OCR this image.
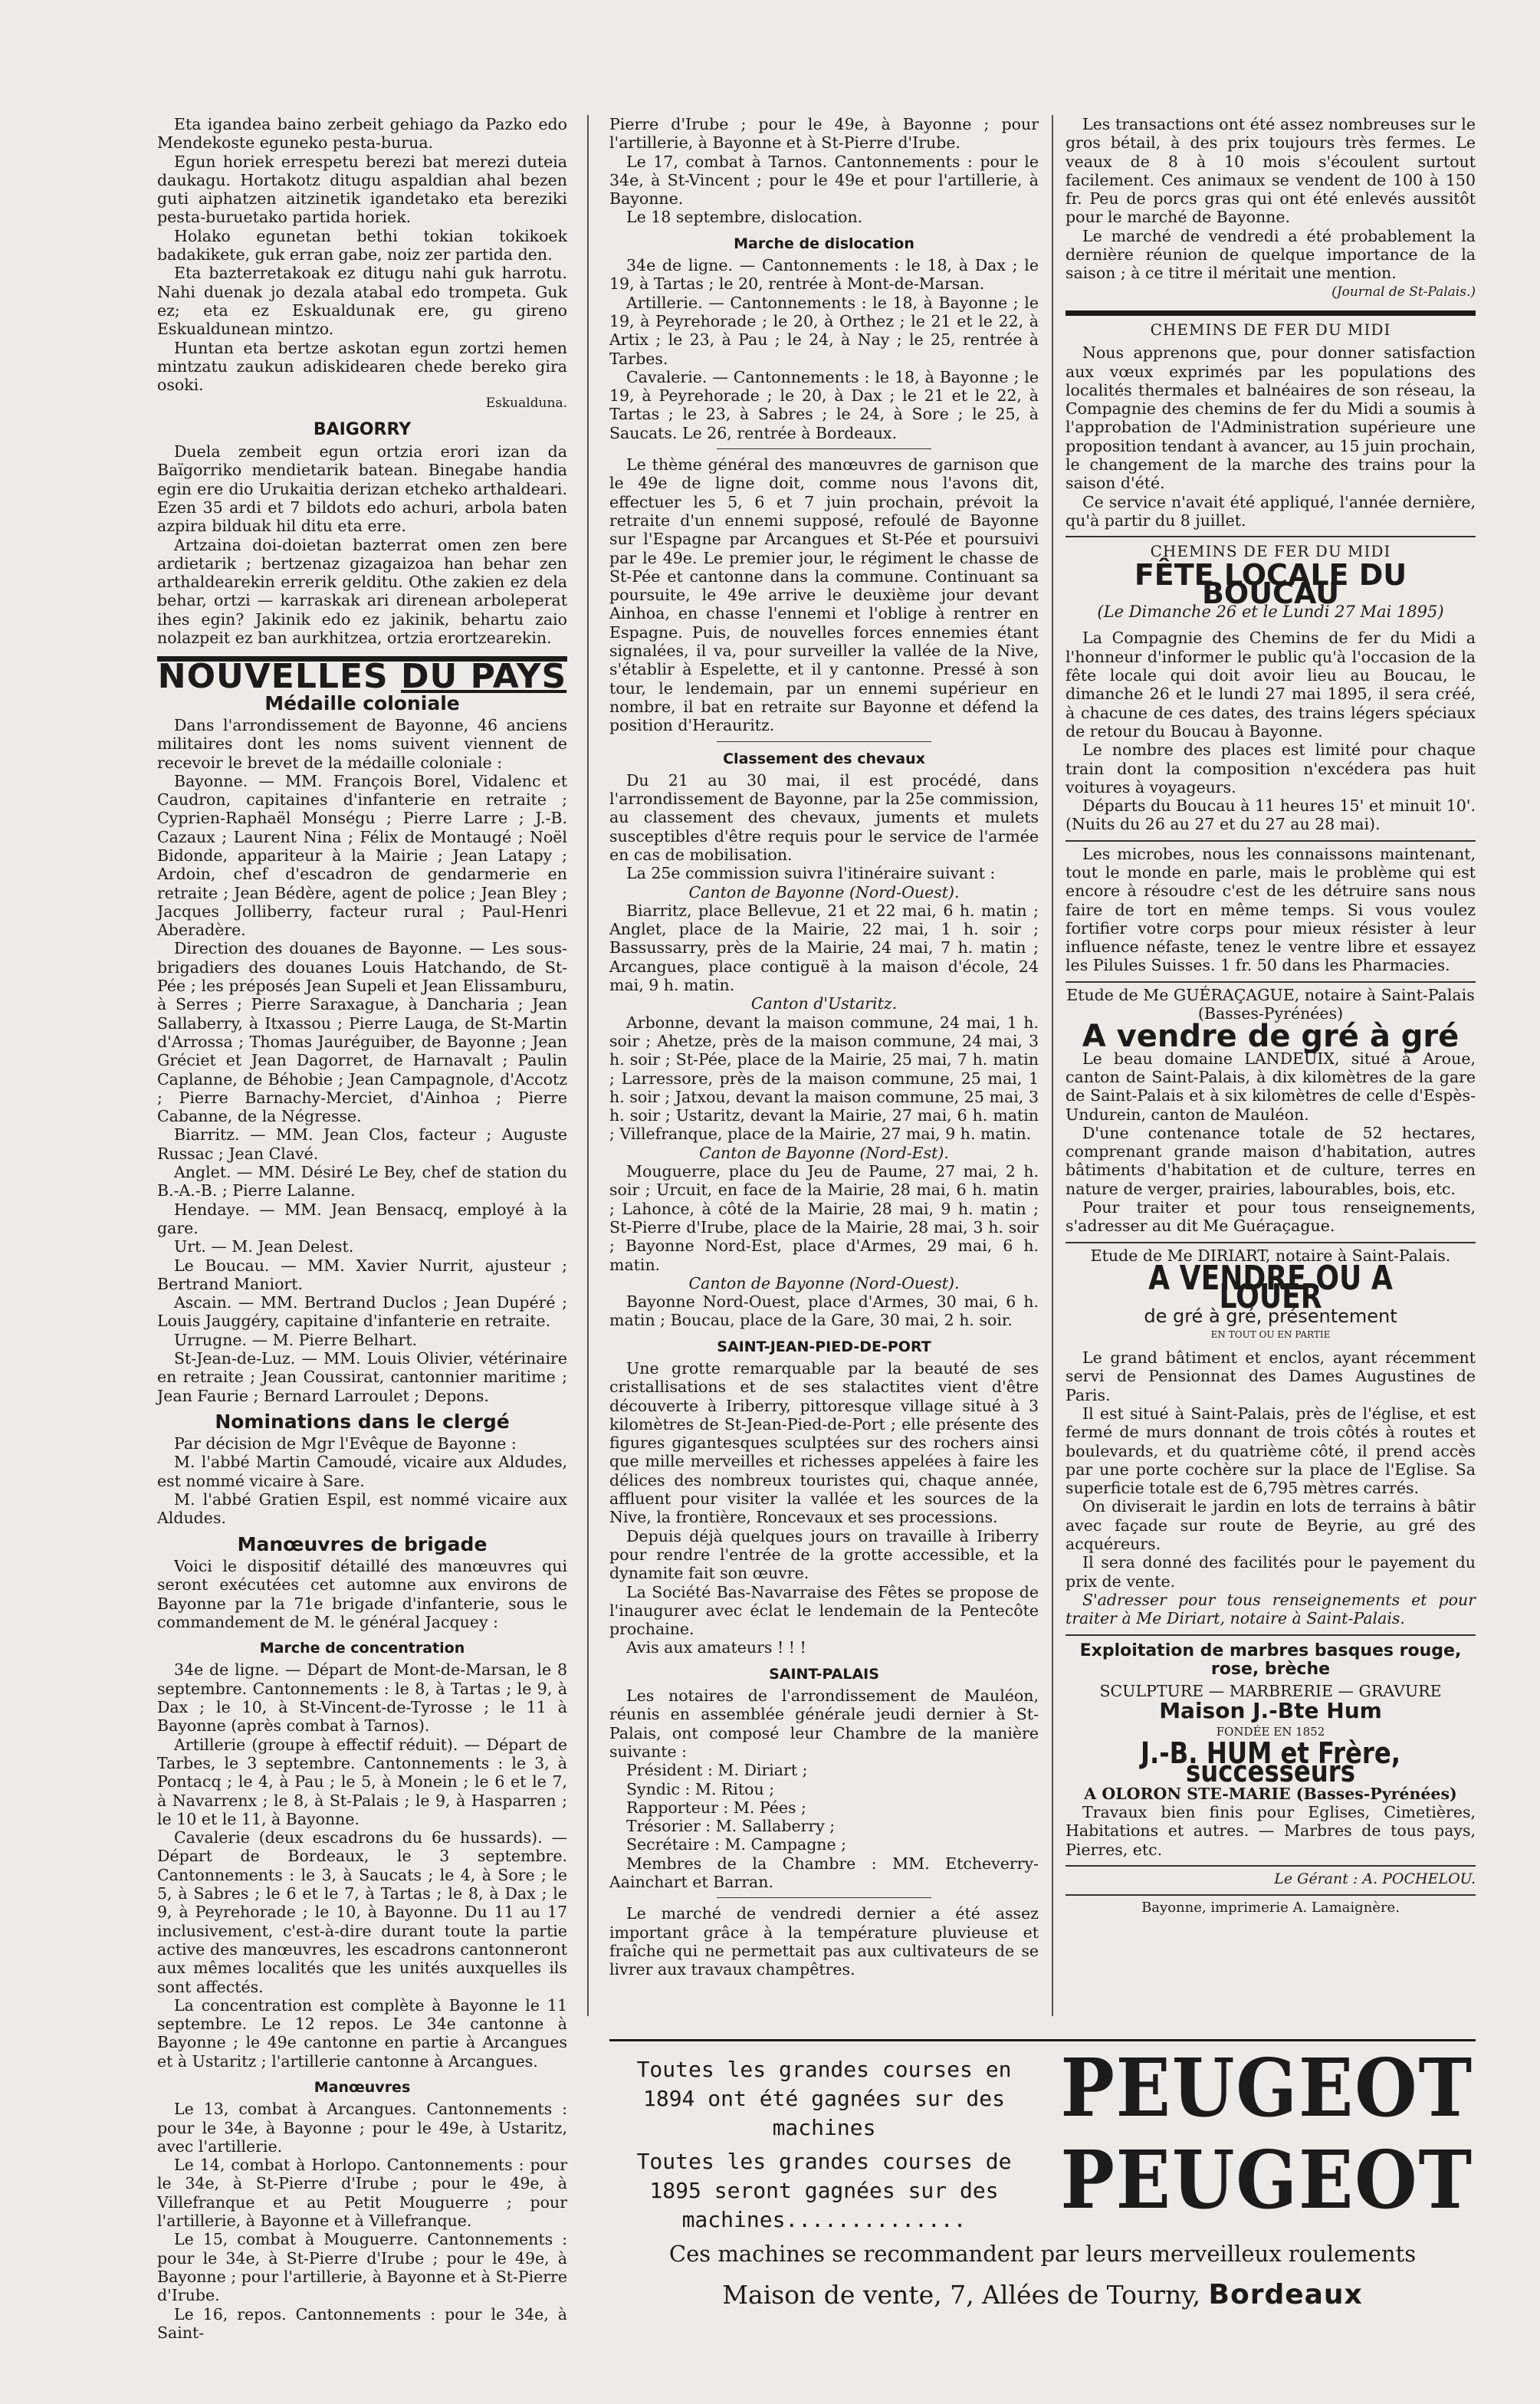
Eta igandea baino zerbeit gehiago da Pazko edo Mendekoste eguneko pesta-burua.

Egun horiek errespetu berezi bat merezi duteia daukagu. Hortakotz ditugu aspaldian ahal bezen guti aiphatzen aitzinetik igandetako eta bereziki pesta-buruetako partida horiek.

Holako egunetan bethi tokian tokikoek badakikete, guk erran gabe, noiz zer partida den.

Eta bazterretakoak ez ditugu nahi guk harrotu. Nahi duenak jo dezala atabal edo trompeta. Guk ez; eta ez Eskualdunak ere, gu gireno Eskualdunean mintzo.

Huntan eta bertze askotan egun zortzi hemen mintzatu zaukun adiskidearen chede bereko gira osoki.

Eskualduna.

BAIGORRY

Duela zembeit egun ortzia erori izan da Baïgorriko mendietarik batean. Binegabe handia egin ere dio Urukaitia derizan etcheko arthaldeari. Ezen 35 ardi et 7 bildots edo achuri, arbola baten azpira bilduak hil ditu eta erre.

Artzaina doi-doietan bazterrat omen zen bere ardietarik ; bertzenaz gizagaizoa han behar zen arthaldearekin errerik gelditu. Othe zakien ez dela behar, ortzi — karraskak ari direnean arboleperat ihes egin? Jakinik edo ez jakinik, behartu zaio nolazpeit ez ban aurkhitzea, ortzia erortzearekin.

NOUVELLES DU PAYS

Médaille coloniale

Dans l'arrondissement de Bayonne, 46 anciens militaires dont les noms suivent viennent de recevoir le brevet de la médaille coloniale :

Bayonne. — MM. François Borel, Vidalenc et Caudron, capitaines d'infanterie en retraite ; Cyprien-Raphaël Monségu ; Pierre Larre ; J.-B. Cazaux ; Laurent Nina ; Félix de Montaugé ; Noël Bidonde, appariteur à la Mairie ; Jean Latapy ; Ardoin, chef d'escadron de gendarmerie en retraite ; Jean Bédère, agent de police ; Jean Bley ; Jacques Jolliberry, facteur rural ; Paul-Henri Aberadère.

Direction des douanes de Bayonne. — Les sous-brigadiers des douanes Louis Hatchando, de St-Pée ; les préposés Jean Supeli et Jean Elissamburu, à Serres ; Pierre Saraxague, à Dancharia ; Jean Sallaberry, à Itxassou ; Pierre Lauga, de St-Martin d'Arrossa ; Thomas Jauréguiber, de Bayonne ; Jean Gréciet et Jean Dagorret, de Harnavalt ; Paulin Caplanne, de Béhobie ; Jean Campagnole, d'Accotz ; Pierre Barnachy-Merciet, d'Ainhoa ; Pierre Cabanne, de la Négresse.

Biarritz. — MM. Jean Clos, facteur ; Auguste Russac ; Jean Clavé.

Anglet. — MM. Désiré Le Bey, chef de station du B.-A.-B. ; Pierre Lalanne.

Hendaye. — MM. Jean Bensacq, employé à la gare.

Urt. — M. Jean Delest.

Le Boucau. — MM. Xavier Nurrit, ajusteur ; Bertrand Maniort.

Ascain. — MM. Bertrand Duclos ; Jean Dupéré ; Louis Jauggéry, capitaine d'infanterie en retraite.

Urrugne. — M. Pierre Belhart.

St-Jean-de-Luz. — MM. Louis Olivier, vétérinaire en retraite ; Jean Coussirat, cantonnier maritime ; Jean Faurie ; Bernard Larroulet ; Depons.

Nominations dans le clergé

Par décision de Mgr l'Evêque de Bayonne :

M. l'abbé Martin Camoudé, vicaire aux Aldudes, est nommé vicaire à Sare.

M. l'abbé Gratien Espil, est nommé vicaire aux Aldudes.

Manœuvres de brigade

Voici le dispositif détaillé des manœuvres qui seront exécutées cet automne aux environs de Bayonne par la 71e brigade d'infanterie, sous le commandement de M. le général Jacquey :

Marche de concentration

34e de ligne. — Départ de Mont-de-Marsan, le 8 septembre. Cantonnements : le 8, à Tartas ; le 9, à Dax ; le 10, à St-Vincent-de-Tyrosse ; le 11 à Bayonne (après combat à Tarnos).

Artillerie (groupe à effectif réduit). — Départ de Tarbes, le 3 septembre. Cantonnements : le 3, à Pontacq ; le 4, à Pau ; le 5, à Monein ; le 6 et le 7, à Navarrenx ; le 8, à St-Palais ; le 9, à Hasparren ; le 10 et le 11, à Bayonne.

Cavalerie (deux escadrons du 6e hussards). — Départ de Bordeaux, le 3 septembre. Cantonnements : le 3, à Saucats ; le 4, à Sore ; le 5, à Sabres ; le 6 et le 7, à Tartas ; le 8, à Dax ; le 9, à Peyrehorade ; le 10, à Bayonne. Du 11 au 17 inclusivement, c'est-à-dire durant toute la partie active des manœuvres, les escadrons cantonneront aux mêmes localités que les unités auxquelles ils sont affectés.

La concentration est complète à Bayonne le 11 septembre. Le 12 repos. Le 34e cantonne à Bayonne ; le 49e cantonne en partie à Arcangues et à Ustaritz ; l'artillerie cantonne à Arcangues.

Manœuvres

Le 13, combat à Arcangues. Cantonnements : pour le 34e, à Bayonne ; pour le 49e, à Ustaritz, avec l'artillerie.

Le 14, combat à Horlopo. Cantonnements : pour le 34e, à St-Pierre d'Irube ; pour le 49e, à Villefranque et au Petit Mouguerre ; pour l'artillerie, à Bayonne et à Villefranque.

Le 15, combat à Mouguerre. Cantonnements : pour le 34e, à St-Pierre d'Irube ; pour le 49e, à Bayonne ; pour l'artillerie, à Bayonne et à St-Pierre d'Irube.

Le 16, repos. Cantonnements : pour le 34e, à Saint-

Pierre d'Irube ; pour le 49e, à Bayonne ; pour l'artillerie, à Bayonne et à St-Pierre d'Irube.

Le 17, combat à Tarnos. Cantonnements : pour le 34e, à St-Vincent ; pour le 49e et pour l'artillerie, à Bayonne.

Le 18 septembre, dislocation.

Marche de dislocation

34e de ligne. — Cantonnements : le 18, à Dax ; le 19, à Tartas ; le 20, rentrée à Mont-de-Marsan.

Artillerie. — Cantonnements : le 18, à Bayonne ; le 19, à Peyrehorade ; le 20, à Orthez ; le 21 et le 22, à Artix ; le 23, à Pau ; le 24, à Nay ; le 25, rentrée à Tarbes.

Cavalerie. — Cantonnements : le 18, à Bayonne ; le 19, à Peyrehorade ; le 20, à Dax ; le 21 et le 22, à Tartas ; le 23, à Sabres ; le 24, à Sore ; le 25, à Saucats. Le 26, rentrée à Bordeaux.

Le thème général des manœuvres de garnison que le 49e de ligne doit, comme nous l'avons dit, effectuer les 5, 6 et 7 juin prochain, prévoit la retraite d'un ennemi supposé, refoulé de Bayonne sur l'Espagne par Arcangues et St-Pée et poursuivi par le 49e. Le premier jour, le régiment le chasse de St-Pée et cantonne dans la commune. Continuant sa poursuite, le 49e arrive le deuxième jour devant Ainhoa, en chasse l'ennemi et l'oblige à rentrer en Espagne. Puis, de nouvelles forces ennemies étant signalées, il va, pour surveiller la vallée de la Nive, s'établir à Espelette, et il y cantonne. Pressé à son tour, le lendemain, par un ennemi supérieur en nombre, il bat en retraite sur Bayonne et défend la position d'Herauritz.

Classement des chevaux

Du 21 au 30 mai, il est procédé, dans l'arrondissement de Bayonne, par la 25e commission, au classement des chevaux, juments et mulets susceptibles d'être requis pour le service de l'armée en cas de mobilisation.

La 25e commission suivra l'itinéraire suivant :

Canton de Bayonne (Nord-Ouest).

Biarritz, place Bellevue, 21 et 22 mai, 6 h. matin ; Anglet, place de la Mairie, 22 mai, 1 h. soir ; Bassussarry, près de la Mairie, 24 mai, 7 h. matin ; Arcangues, place contiguë à la maison d'école, 24 mai, 9 h. matin.

Canton d'Ustaritz.

Arbonne, devant la maison commune, 24 mai, 1 h. soir ; Ahetze, près de la maison commune, 24 mai, 3 h. soir ; St-Pée, place de la Mairie, 25 mai, 7 h. matin ; Larressore, près de la maison commune, 25 mai, 1 h. soir ; Jatxou, devant la maison commune, 25 mai, 3 h. soir ; Ustaritz, devant la Mairie, 27 mai, 6 h. matin ; Villefranque, place de la Mairie, 27 mai, 9 h. matin.

Canton de Bayonne (Nord-Est).

Mouguerre, place du Jeu de Paume, 27 mai, 2 h. soir ; Urcuit, en face de la Mairie, 28 mai, 6 h. matin ; Lahonce, à côté de la Mairie, 28 mai, 9 h. matin ; St-Pierre d'Irube, place de la Mairie, 28 mai, 3 h. soir ; Bayonne Nord-Est, place d'Armes, 29 mai, 6 h. matin.

Canton de Bayonne (Nord-Ouest).

Bayonne Nord-Ouest, place d'Armes, 30 mai, 6 h. matin ; Boucau, place de la Gare, 30 mai, 2 h. soir.

SAINT-JEAN-PIED-DE-PORT

Une grotte remarquable par la beauté de ses cristallisations et de ses stalactites vient d'être découverte à Iriberry, pittoresque village situé à 3 kilomètres de St-Jean-Pied-de-Port ; elle présente des figures gigantesques sculptées sur des rochers ainsi que mille merveilles et richesses appelées à faire les délices des nombreux touristes qui, chaque année, affluent pour visiter la vallée et les sources de la Nive, la frontière, Roncevaux et ses processions.

Depuis déjà quelques jours on travaille à Iriberry pour rendre l'entrée de la grotte accessible, et la dynamite fait son œuvre.

La Société Bas-Navarraise des Fêtes se propose de l'inaugurer avec éclat le lendemain de la Pentecôte prochaine.

Avis aux amateurs ! ! !

SAINT-PALAIS

Les notaires de l'arrondissement de Mauléon, réunis en assemblée générale jeudi dernier à St-Palais, ont composé leur Chambre de la manière suivante :

Président : M. Diriart ;

Syndic : M. Ritou ;

Rapporteur : M. Pées ;

Trésorier : M. Sallaberry ;

Secrétaire : M. Campagne ;

Membres de la Chambre : MM. Etcheverry-Aainchart et Barran.

Le marché de vendredi dernier a été assez important grâce à la température pluvieuse et fraîche qui ne permettait pas aux cultivateurs de se livrer aux travaux champêtres.

Les transactions ont été assez nombreuses sur le gros bétail, à des prix toujours très fermes. Le veaux de 8 à 10 mois s'écoulent surtout facilement. Ces animaux se vendent de 100 à 150 fr. Peu de porcs gras qui ont été enlevés aussitôt pour le marché de Bayonne.

Le marché de vendredi a été probablement la dernière réunion de quelque importance de la saison ; à ce titre il méritait une mention.

(Journal de St-Palais.)

CHEMINS DE FER DU MIDI

Nous apprenons que, pour donner satisfaction aux vœux exprimés par les populations des localités thermales et balnéaires de son réseau, la Compagnie des chemins de fer du Midi a soumis à l'approbation de l'Administration supérieure une proposition tendant à avancer, au 15 juin prochain, le changement de la marche des trains pour la saison d'été.

Ce service n'avait été appliqué, l'année dernière, qu'à partir du 8 juillet.

CHEMINS DE FER DU MIDI

FÊTE LOCALE DU BOUCAU

(Le Dimanche 26 et le Lundi 27 Mai 1895)

La Compagnie des Chemins de fer du Midi a l'honneur d'informer le public qu'à l'occasion de la fête locale qui doit avoir lieu au Boucau, le dimanche 26 et le lundi 27 mai 1895, il sera créé, à chacune de ces dates, des trains légers spéciaux de retour du Boucau à Bayonne.

Le nombre des places est limité pour chaque train dont la composition n'excédera pas huit voitures à voyageurs.

Départs du Boucau à 11 heures 15' et minuit 10'. (Nuits du 26 au 27 et du 27 au 28 mai).

Les microbes, nous les connaissons maintenant, tout le monde en parle, mais le problème qui est encore à résoudre c'est de les détruire sans nous faire de tort en même temps. Si vous voulez fortifier votre corps pour mieux résister à leur influence néfaste, tenez le ventre libre et essayez les Pilules Suisses. 1 fr. 50 dans les Pharmacies.

Etude de Me GUÉRAÇAGUE, notaire à Saint-Palais

(Basses-Pyrénées)

A vendre de gré à gré

Le beau domaine LANDEUIX, situé à Aroue, canton de Saint-Palais, à dix kilomètres de la gare de Saint-Palais et à six kilomètres de celle d'Espès-Undurein, canton de Mauléon.

D'une contenance totale de 52 hectares, comprenant grande maison d'habitation, autres bâtiments d'habitation et de culture, terres en nature de verger, prairies, labourables, bois, etc.

Pour traiter et pour tous renseignements, s'adresser au dit Me Guéraçague.

Etude de Me DIRIART, notaire à Saint-Palais.

A VENDRE OU A LOUER

de gré à gré, présentement

EN TOUT OU EN PARTIE

Le grand bâtiment et enclos, ayant récemment servi de Pensionnat des Dames Augustines de Paris.

Il est situé à Saint-Palais, près de l'église, et est fermé de murs donnant de trois côtés à routes et boulevards, et du quatrième côté, il prend accès par une porte cochère sur la place de l'Eglise. Sa superficie totale est de 6,795 mètres carrés.

On diviserait le jardin en lots de terrains à bâtir avec façade sur route de Beyrie, au gré des acquéreurs.

Il sera donné des facilités pour le payement du prix de vente.

S'adresser pour tous renseignements et pour traiter à Me Diriart, notaire à Saint-Palais.

Exploitation de marbres basques rouge, rose, brèche

SCULPTURE — MARBRERIE — GRAVURE

Maison J.-Bte Hum

FONDÉE EN 1852

J.-B. HUM et Frère, successeurs

A OLORON STE-MARIE (Basses-Pyrénées)

Travaux bien finis pour Eglises, Cimetières, Habitations et autres. — Marbres de tous pays, Pierres, etc.

Le Gérant : A. POCHELOU.

Bayonne, imprimerie A. Lamaignère.

Toutes les grandes courses en 1894 ont été gagnées sur des machines

Toutes les grandes courses de 1895 seront gagnées sur des machines..............

PEUGEOT
PEUGEOT
Ces machines se recommandent par leurs merveilleux roulements
Maison de vente, 7, Allées de Tourny, Bordeaux
